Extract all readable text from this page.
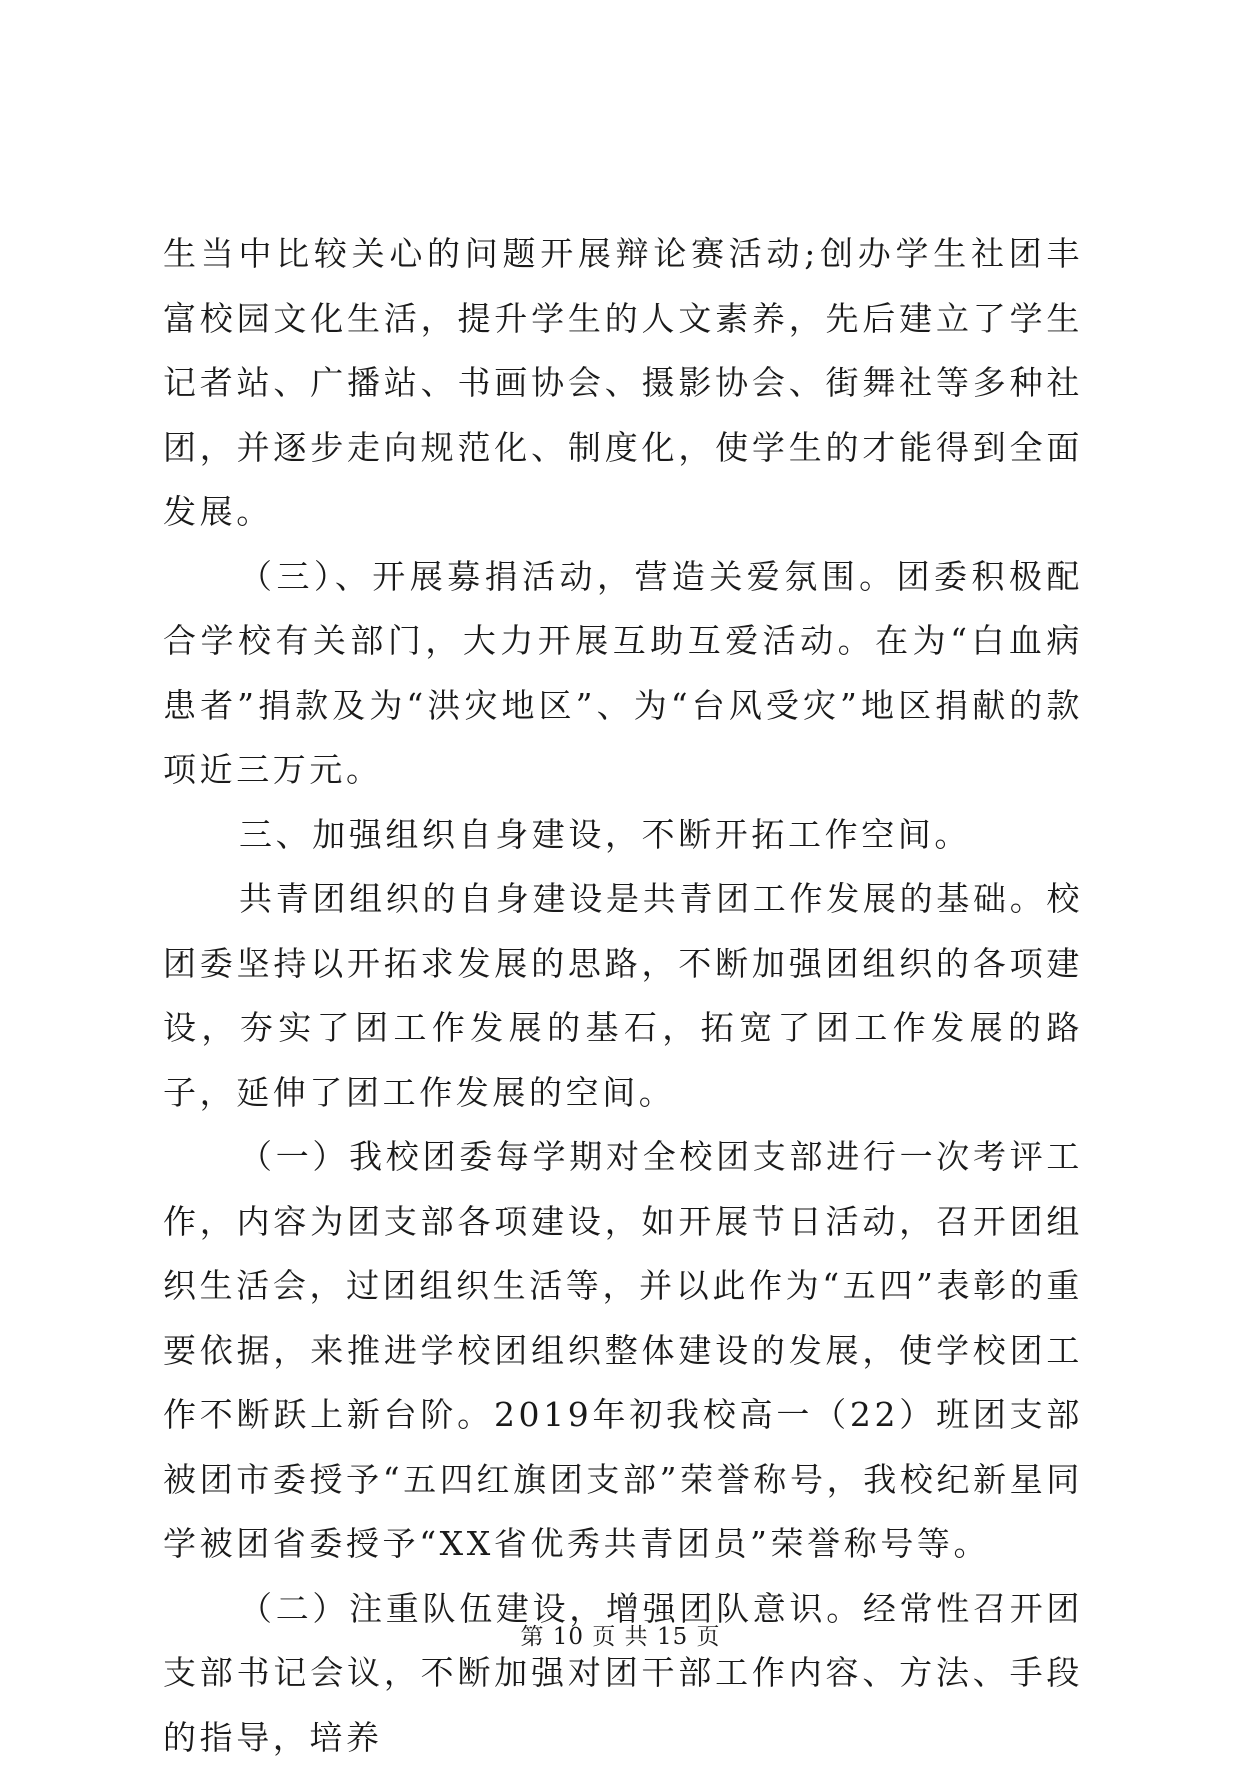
生当中比较关心的问题开展辩论赛活动;创办学生社团丰富校园文化生活，提升学生的人文素养，先后建立了学生记者站、广播站、书画协会、摄影协会、街舞社等多种社团，并逐步走向规范化、制度化，使学生的才能得到全面发展。

（三）、开展募捐活动，营造关爱氛围。团委积极配合学校有关部门，大力开展互助互爱活动。在为“白血病患者”捐款及为“洪灾地区”、为“台风受灾”地区捐献的款项近三万元。

三、加强组织自身建设，不断开拓工作空间。

共青团组织的自身建设是共青团工作发展的基础。校团委坚持以开拓求发展的思路，不断加强团组织的各项建设，夯实了团工作发展的基石，拓宽了团工作发展的路子，延伸了团工作发展的空间。

（一）我校团委每学期对全校团支部进行一次考评工作，内容为团支部各项建设，如开展节日活动，召开团组织生活会，过团组织生活等，并以此作为“五四”表彰的重要依据，来推进学校团组织整体建设的发展，使学校团工作不断跃上新台阶。2019年初我校高一（22）班团支部被团市委授予“五四红旗团支部”荣誉称号，我校纪新星同学被团省委授予“XX省优秀共青团员”荣誉称号等。

（二）注重队伍建设，增强团队意识。经常性召开团支部书记会议，不断加强对团干部工作内容、方法、手段的指导，培养

第 10 页 共 15 页
